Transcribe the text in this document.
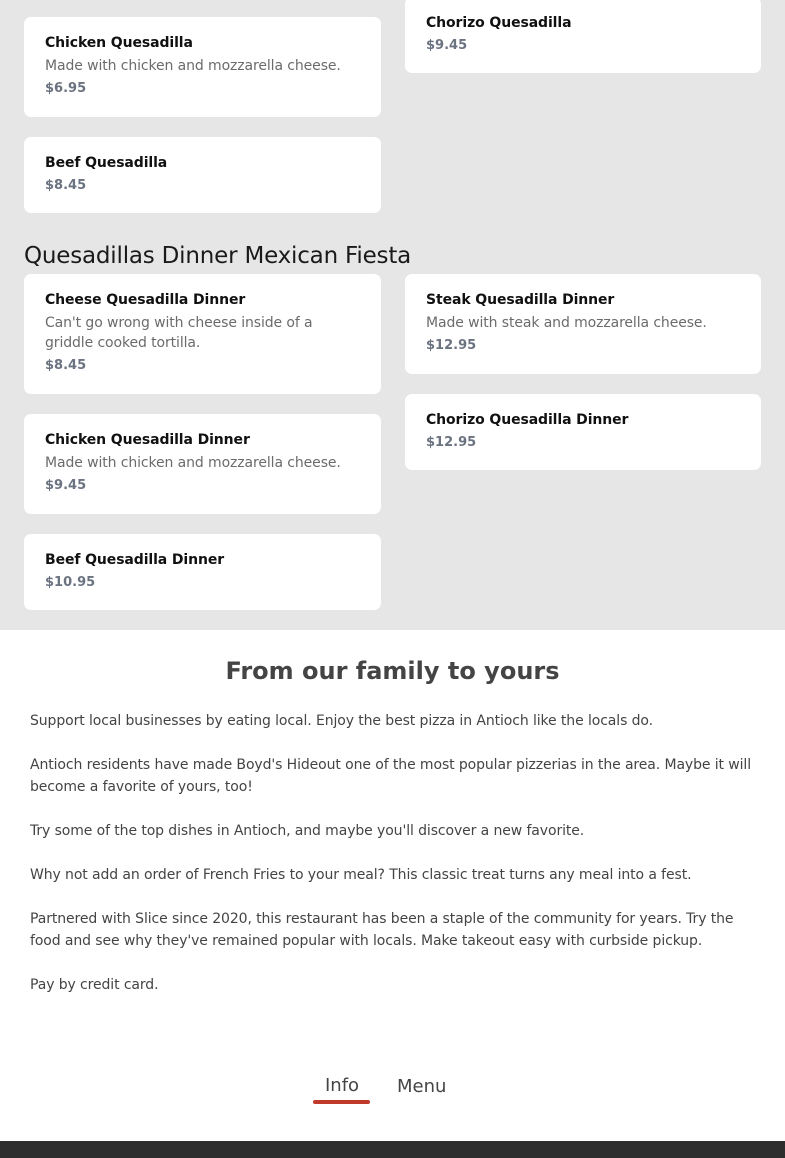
Chicken Quesadilla
Made with chicken and mozzarella cheese.
$6.95
Chorizo Quesadilla
$9.45
Beef Quesadilla
$8.45
Quesadillas Dinner Mexican Fiesta
Cheese Quesadilla Dinner
Can't go wrong with cheese inside of a griddle cooked tortilla.
$8.45
Steak Quesadilla Dinner
Made with steak and mozzarella cheese.
$12.95
Chicken Quesadilla Dinner
Made with chicken and mozzarella cheese.
$9.45
Chorizo Quesadilla Dinner
$12.95
Beef Quesadilla Dinner
$10.95
From our family to yours

Support local businesses by eating local. Enjoy the best pizza in Antioch like the locals do.

Antioch residents have made Boyd's Hideout one of the most popular pizzerias in the area. Maybe it will become a favorite of yours, too!

Try some of the top dishes in Antioch, and maybe you'll discover a new favorite.

Why not add an order of French Fries to your meal? This classic treat turns any meal into a fest.

Partnered with Slice since 2020, this restaurant has been a staple of the community for years. Try the food and see why they've remained popular with locals. Make takeout easy with curbside pickup.

Pay by credit card.

Info Menu
